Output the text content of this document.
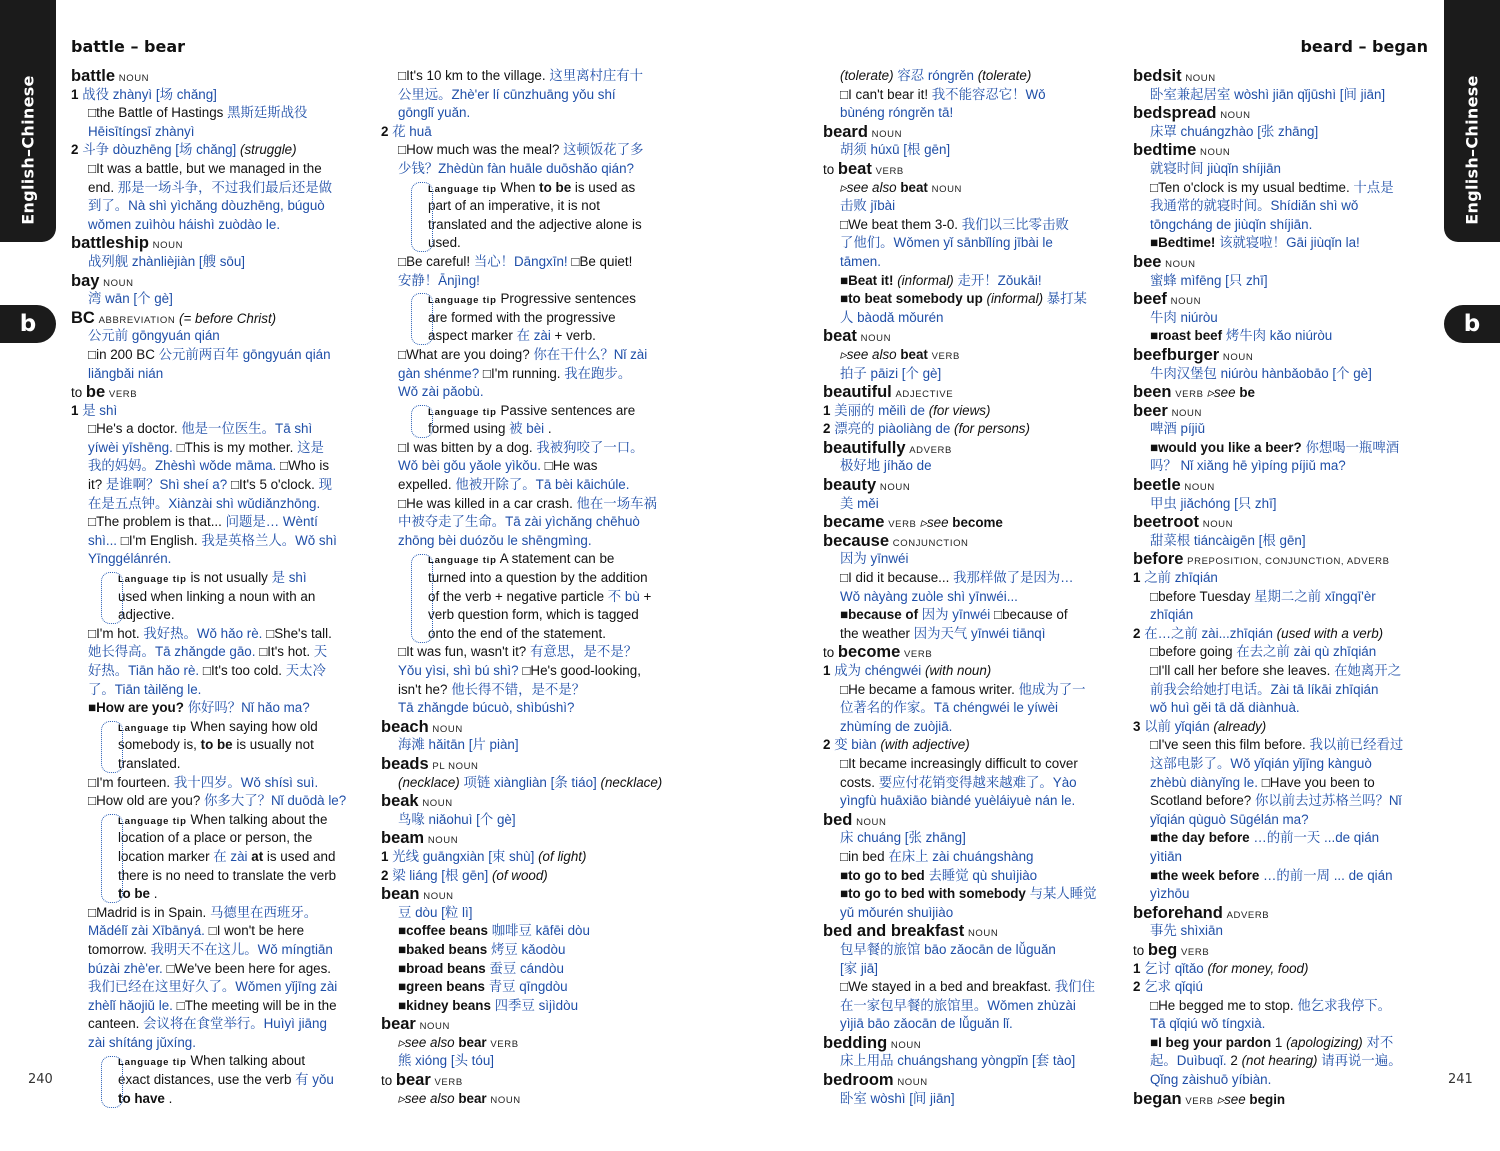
English–Chinese
b
battle – bear
240
English–Chinese
b
beard – began
241
battle NOUN
1 战役 zhànyì [场 chǎng]
□the Battle of Hastings 黑斯廷斯战役
Hēisītíngsī zhànyì
2 斗争 dòuzhēng [场 chǎng] (struggle)
□It was a battle, but we managed in the
end. 那是一场斗争，不过我们最后还是做
到了。Nà shì yìchǎng dòuzhēng, búguò
wǒmen zuìhòu háishì zuòdào le.
battleship NOUN
战列舰 zhànlièjiàn [艘 sōu]
bay NOUN
湾 wān [个 gè]
BC ABBREVIATION (= before Christ)
公元前 gōngyuán qián
□in 200 BC 公元前两百年 gōngyuán qián
liǎngbǎi nián
to be VERB
1 是 shì
□He's a doctor. 他是一位医生。Tā shì
yíwèi yīshēng. □This is my mother. 这是
我的妈妈。Zhèshì wǒde māma. □Who is
it? 是谁啊？Shì sheí a? □It's 5 o'clock. 现
在是五点钟。Xiànzài shì wǔdiǎnzhōng.
□The problem is that... 问题是… Wèntí
shì... □I'm English. 我是英格兰人。Wǒ shì
Yīnggélánrén.
Language tip is not usually 是 shì
used when linking a noun with an
adjective.
□I'm hot. 我好热。Wǒ hǎo rè. □She's tall.
她长得高。Tā zhǎngde gāo. □It's hot. 天
好热。Tiān hǎo rè. □It's too cold. 天太冷
了。Tiān tàilěng le.
■How are you? 你好吗？Nǐ hǎo ma?
Language tip When saying how old
somebody is, to be is usually not
translated.
□I'm fourteen. 我十四岁。Wǒ shísì suì.
□How old are you? 你多大了？Nǐ duōdà le?
Language tip When talking about the
location of a place or person, the
location marker 在 zài at is used and
there is no need to translate the verb
to be .
□Madrid is in Spain. 马德里在西班牙。
Mǎdélǐ zài Xībānyá. □I won't be here
tomorrow. 我明天不在这儿。Wǒ míngtiān
búzài zhè'er. □We've been here for ages.
我们已经在这里好久了。Wǒmen yǐjīng zài
zhèlǐ hǎojiǔ le. □The meeting will be in the
canteen. 会议将在食堂举行。Huìyì jiāng
zài shítáng jǔxíng.
Language tip When talking about
exact distances, use the verb 有 yǒu
to have .
□It's 10 km to the village. 这里离村庄有十
公里远。Zhè'er lí cūnzhuāng yǒu shí
gōnglǐ yuǎn.
2 花 huā
□How much was the meal? 这顿饭花了多
少钱？Zhèdùn fàn huāle duōshǎo qián?
Language tip When to be is used as
part of an imperative, it is not
translated and the adjective alone is
used.
□Be careful! 当心！Dāngxīn! □Be quiet!
安静！Ānjìng!
Language tip Progressive sentences
are formed with the progressive
aspect marker 在 zài + verb.
□What are you doing? 你在干什么？Nǐ zài
gàn shénme? □I'm running. 我在跑步。
Wǒ zài pǎobù.
Language tip Passive sentences are
formed using 被 bèi .
□I was bitten by a dog. 我被狗咬了一口。
Wǒ bèi gǒu yǎole yìkǒu. □He was
expelled. 他被开除了。Tā bèi kāichúle.
□He was killed in a car crash. 他在一场车祸
中被夺走了生命。Tā zài yìchǎng chēhuò
zhōng bèi duózǒu le shēngmìng.
Language tip A statement can be
turned into a question by the addition
of the verb + negative particle 不 bù +
verb question form, which is tagged
onto the end of the statement.
□It was fun, wasn't it? 有意思，是不是？
Yǒu yìsi, shì bú shì? □He's good-looking,
isn't he? 他长得不错，是不是？
Tā zhǎngde búcuò, shìbúshì?
beach NOUN
海滩 hǎitān [片 piàn]
beads PL NOUN
(necklace) 项链 xiàngliàn [条 tiáo] (necklace)
beak NOUN
鸟喙 niǎohuì [个 gè]
beam NOUN
1 光线 guāngxiàn [束 shù] (of light)
2 梁 liáng [根 gēn] (of wood)
bean NOUN
豆 dòu [粒 lì]
■coffee beans 咖啡豆 kāfēi dòu
■baked beans 烤豆 kǎodòu
■broad beans 蚕豆 cándòu
■green beans 青豆 qīngdòu
■kidney beans 四季豆 sìjìdòu
bear NOUN
▹see also bear VERB
熊 xióng [头 tóu]
to bear VERB
▹see also bear NOUN
(tolerate) 容忍 róngrěn (tolerate)
□I can't bear it! 我不能容忍它！Wǒ
bùnéng róngrěn tā!
beard NOUN
胡须 húxū [根 gēn]
to beat VERB
▹see also beat NOUN
击败 jībài
□We beat them 3-0. 我们以三比零击败
了他们。Wǒmen yǐ sānbǐlíng jībài le
tāmen.
■Beat it! (informal) 走开！Zǒukāi!
■to beat somebody up (informal) 暴打某
人 bàodǎ mǒurén
beat NOUN
▹see also beat VERB
拍子 pāizi [个 gè]
beautiful ADJECTIVE
1 美丽的 měilì de (for views)
2 漂亮的 piàoliàng de (for persons)
beautifully ADVERB
极好地 jíhǎo de
beauty NOUN
美 měi
became VERB ▹see become
because CONJUNCTION
因为 yīnwéi
□I did it because... 我那样做了是因为…
Wǒ nàyàng zuòle shì yīnwéi...
■because of 因为 yīnwéi □because of
the weather 因为天气 yīnwéi tiānqì
to become VERB
1 成为 chéngwéi (with noun)
□He became a famous writer. 他成为了一
位著名的作家。Tā chéngwéi le yíwèi
zhùmíng de zuòjiā.
2 变 biàn (with adjective)
□It became increasingly difficult to cover
costs. 要应付花销变得越来越难了。Yào
yìngfù huāxiāo biàndé yuèláiyuè nán le.
bed NOUN
床 chuáng [张 zhāng]
□in bed 在床上 zài chuángshàng
■to go to bed 去睡觉 qù shuìjiào
■to go to bed with somebody 与某人睡觉
yǔ mǒurén shuìjiào
bed and breakfast NOUN
包早餐的旅馆 bāo zǎocān de lǚguǎn
[家 jiā]
□We stayed in a bed and breakfast. 我们住
在一家包早餐的旅馆里。Wǒmen zhùzài
yìjiā bāo zǎocān de lǚguǎn lǐ.
bedding NOUN
床上用品 chuángshang yòngpǐn [套 tào]
bedroom NOUN
卧室 wòshì [间 jiān]
bedsit NOUN
卧室兼起居室 wòshì jiān qǐjūshì [间 jiān]
bedspread NOUN
床罩 chuángzhào [张 zhāng]
bedtime NOUN
就寝时间 jiùqǐn shíjiān
□Ten o'clock is my usual bedtime. 十点是
我通常的就寝时间。Shídiǎn shì wǒ
tōngcháng de jiùqǐn shíjiān.
■Bedtime! 该就寝啦！Gāi jiùqǐn la!
bee NOUN
蜜蜂 mìfēng [只 zhī]
beef NOUN
牛肉 niúròu
■roast beef 烤牛肉 kǎo niúròu
beefburger NOUN
牛肉汉堡包 niúròu hànbǎobāo [个 gè]
been VERB ▹see be
beer NOUN
啤酒 píjiǔ
■would you like a beer? 你想喝一瓶啤酒
吗？ Nǐ xiǎng hē yìpíng píjiǔ ma?
beetle NOUN
甲虫 jiǎchóng [只 zhī]
beetroot NOUN
甜菜根 tiáncàigēn [根 gēn]
before PREPOSITION, CONJUNCTION, ADVERB
1 之前 zhīqián
□before Tuesday 星期二之前 xīngqī'èr
zhīqián
2 在…之前 zài...zhīqián (used with a verb)
□before going 在去之前 zài qù zhīqián
□I'll call her before she leaves. 在她离开之
前我会给她打电话。Zài tā líkāi zhīqián
wǒ huì gěi tā dǎ diànhuà.
3 以前 yǐqián (already)
□I've seen this film before. 我以前已经看过
这部电影了。Wǒ yǐqián yǐjīng kànguò
zhèbù diànyǐng le. □Have you been to
Scotland before? 你以前去过苏格兰吗？Nǐ
yǐqián qùguò Sūgélán ma?
■the day before …的前一天 ...de qián
yìtiān
■the week before …的前一周 ... de qián
yìzhōu
beforehand ADVERB
事先 shìxiān
to beg VERB
1 乞讨 qǐtǎo (for money, food)
2 乞求 qǐqiú
□He begged me to stop. 他乞求我停下。
Tā qǐqiú wǒ tíngxià.
■I beg your pardon 1 (apologizing) 对不
起。Duìbuqǐ. 2 (not hearing) 请再说一遍。
Qǐng zàishuō yíbiàn.
began VERB ▹see begin
